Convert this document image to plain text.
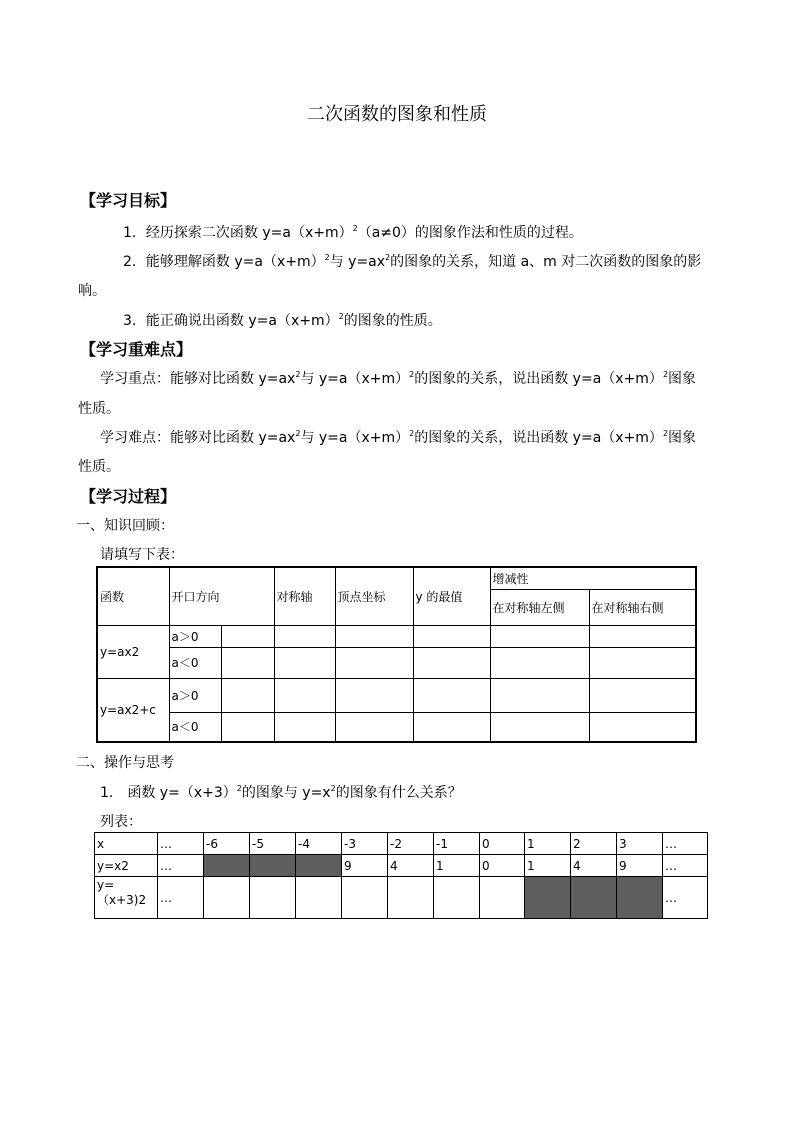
二次函数的图象和性质
【学习目标】
1．经历探索二次函数 $y=a(x+m)^2(a\ne 0)$的图象作法和性质的过程。
2．能够理解函数 $y=a(x+m)^2$与 $y=ax^2$的图象的关系，知道 a、m 对二次函数的图象的影
响。
3．能正确说出函数 $y=a(x+m)^2$的图象的性质。
【学习重难点】
学习重点：能够对比函数 $y=ax^2$与 $y=a(x+m)^2$的图象的关系，说出函数 $y=a(x+m)^2$图象
性质。
学习难点：能够对比函数 $y=ax^2$与 $y=a(x+m)^2$的图象的关系，说出函数 $y=a(x+m)^2$图象
性质。
【学习过程】
一、知识回顾：
请填写下表：
函数	开口方向		对称轴	顶点坐标	y 的最值	增减性	
						在对称轴左侧	在对称轴右侧
y=ax2	a＞0						
	a＜0						
y=ax2+c	a＞0						
	a＜0						
二、操作与思考
1． 函数 $y=(x+3)^2$的图象与 $y=x^2$的图象有什么关系？
列表：
x	…	-6	-5	-4	-3	-2	-1	0	1	2	3	…
y=x2	…				9	4	1	0	1	4	9	…
y=
（x+3)2	…											…
